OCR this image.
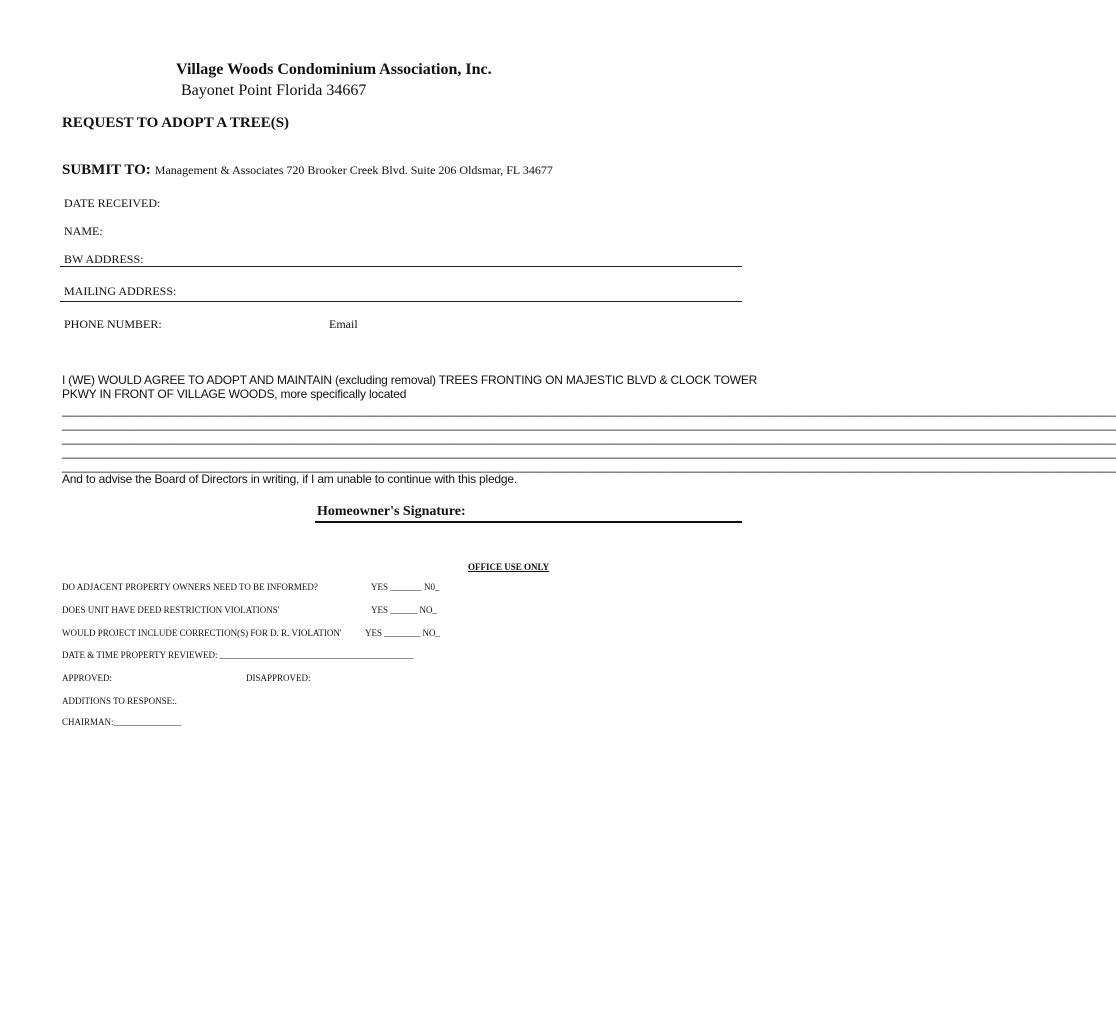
Village Woods Condominium Association, Inc.
Bayonet Point Florida 34667
REQUEST TO ADOPT A TREE(S)
SUBMIT TO: Management & Associates 720 Brooker Creek Blvd. Suite 206 Oldsmar, FL 34677
DATE RECEIVED:
NAME:
BW ADDRESS:
MAILING ADDRESS:
PHONE NUMBER:	Email
I (WE) WOULD AGREE TO ADOPT AND MAINTAIN (excluding removal) TREES FRONTING ON MAJESTIC BLVD & CLOCK TOWER
PKWY IN FRONT OF VILLAGE WOODS, more specifically located
______________________________________________________________________________________________________________________________________________________________
______________________________________________________________________________________________________________________________________________________________
______________________________________________________________________________________________________________________________________________________________
______________________________________________________________________________________________________________________________________________________________
______________________________________________________________________________________________________________________________________________________________
And to advise the Board of Directors in writing, if I am unable to continue with this pledge.
Homeowner's Signature:
OFFICE USE ONLY
DO ADJACENT PROPERTY OWNERS NEED TO BE INFORMED?	YES _______ N0_
DOES UNIT HAVE DEED RESTRICTION VIOLATIONS'	YES ______ NO_
WOULD PROJECT INCLUDE CORRECTION(S) FOR D. R. VIOLATION'	YES ________ NO_
DATE & TIME PROPERTY REVIEWED: ___________________________________________
APPROVED:	DISAPPROVED:
ADDITIONS TO RESPONSE:.
CHAIRMAN:_______________
